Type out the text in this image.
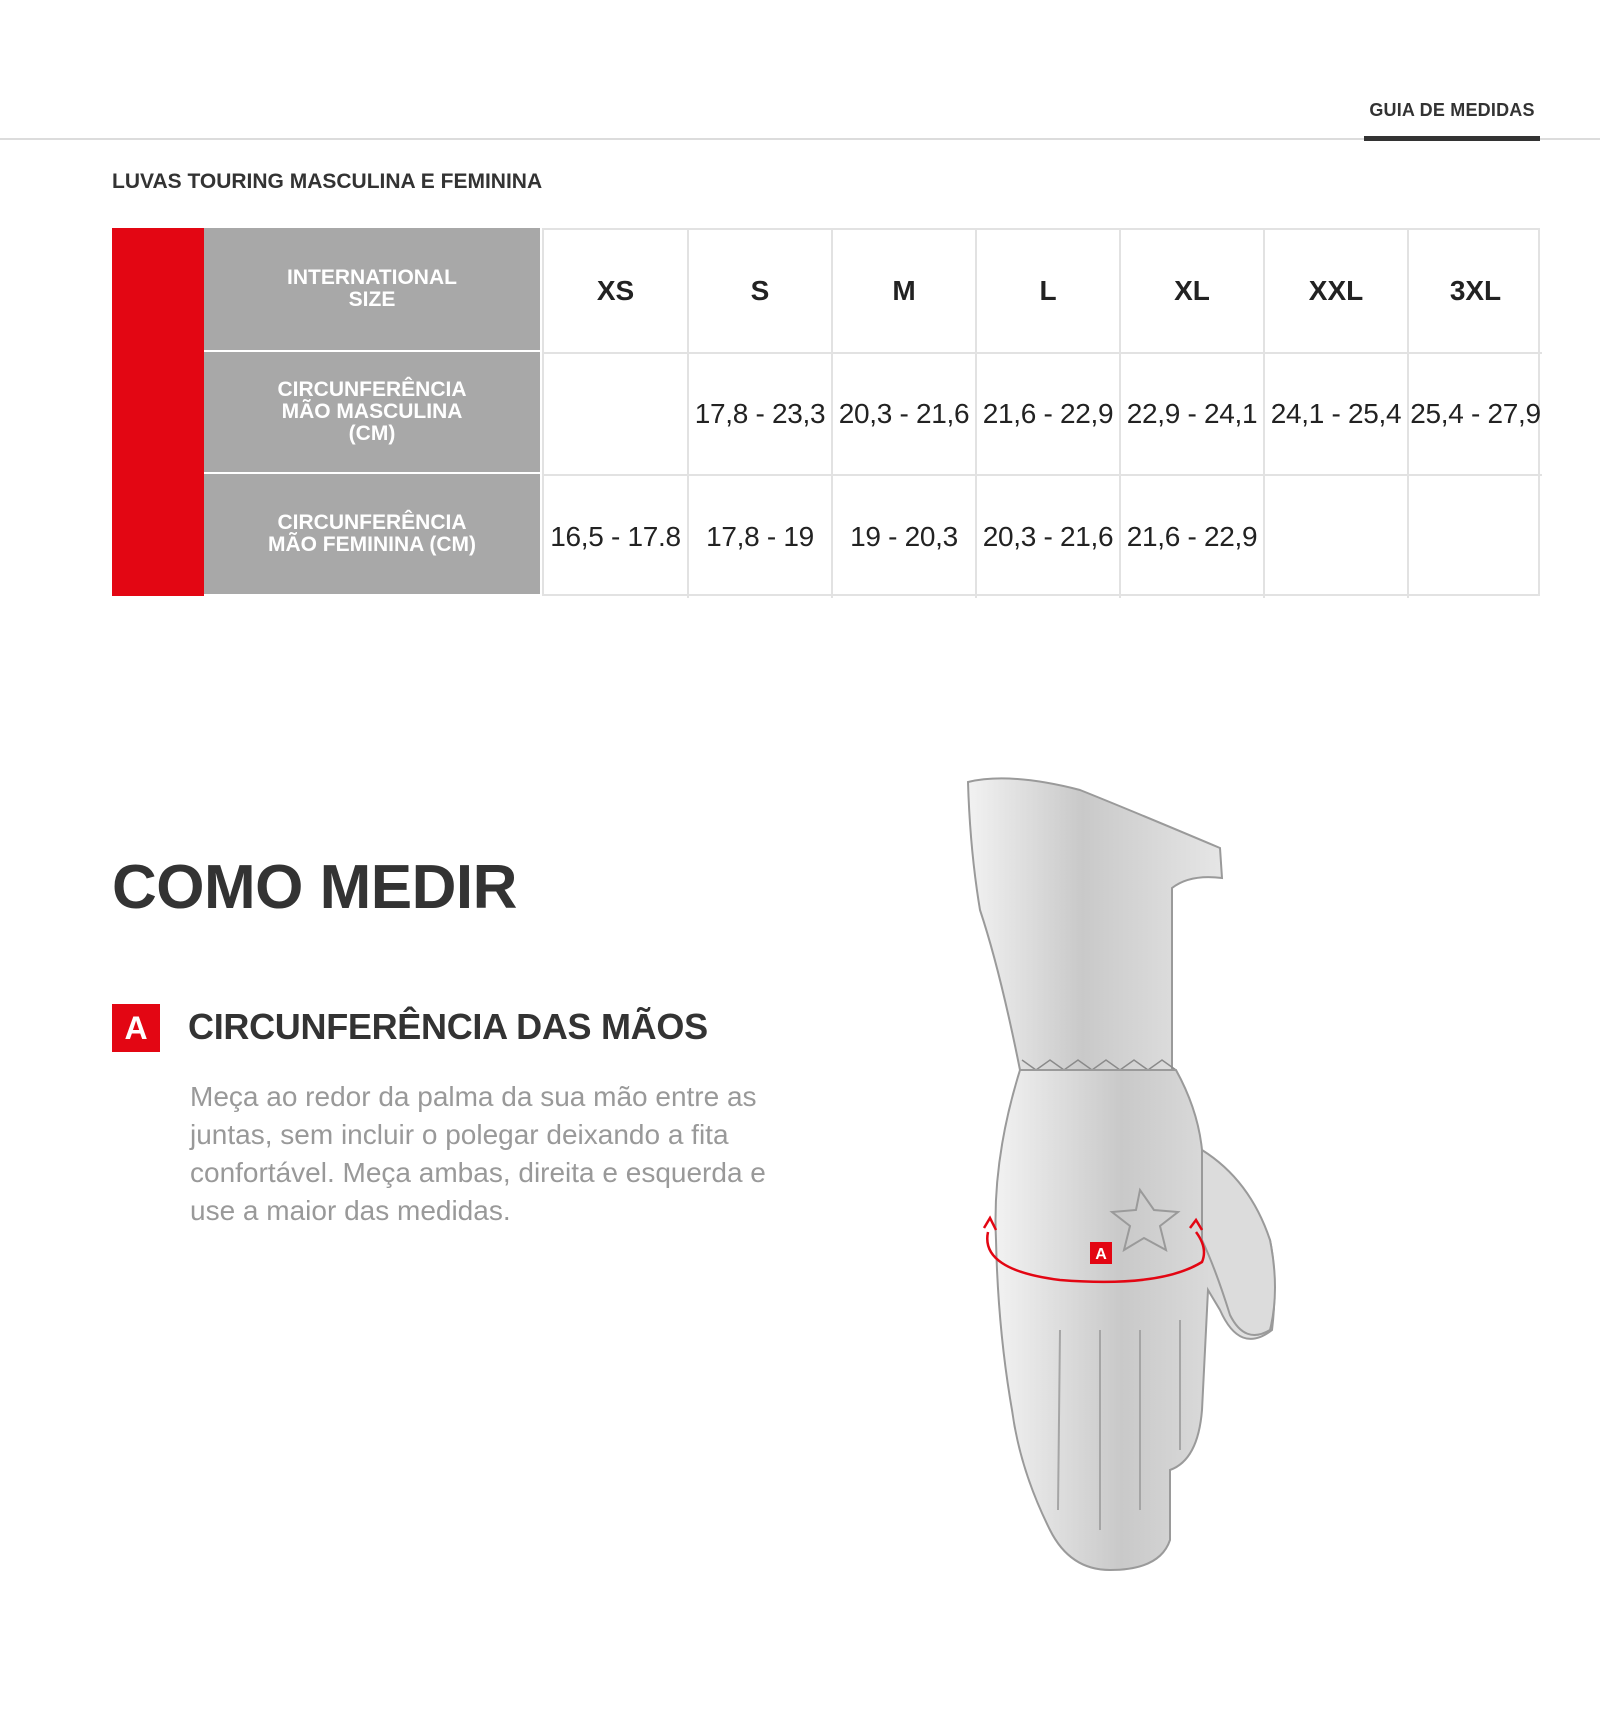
GUIA DE MEDIDAS
LUVAS TOURING MASCULINA E FEMININA
INTERNATIONAL SIZE
CIRCUNFERÊNCIA MÃO MASCULINA (CM)
CIRCUNFERÊNCIA MÃO FEMININA (CM)
XS
16,5 - 17.8
S
17,8 - 23,3
17,8 - 19
M
20,3 - 21,6
19 - 20,3
L
21,6 - 22,9
20,3 - 21,6
XL
22,9 - 24,1
21,6 - 22,9
XXL
24,1 - 25,4
3XL
25,4 - 27,9
COMO MEDIR
A	CIRCUNFERÊNCIA DAS MÃOS
Meça ao redor da palma da sua mão entre as juntas, sem incluir o polegar deixando a fita confortável. Meça ambas, direita e esquerda e use a maior das medidas.
A
